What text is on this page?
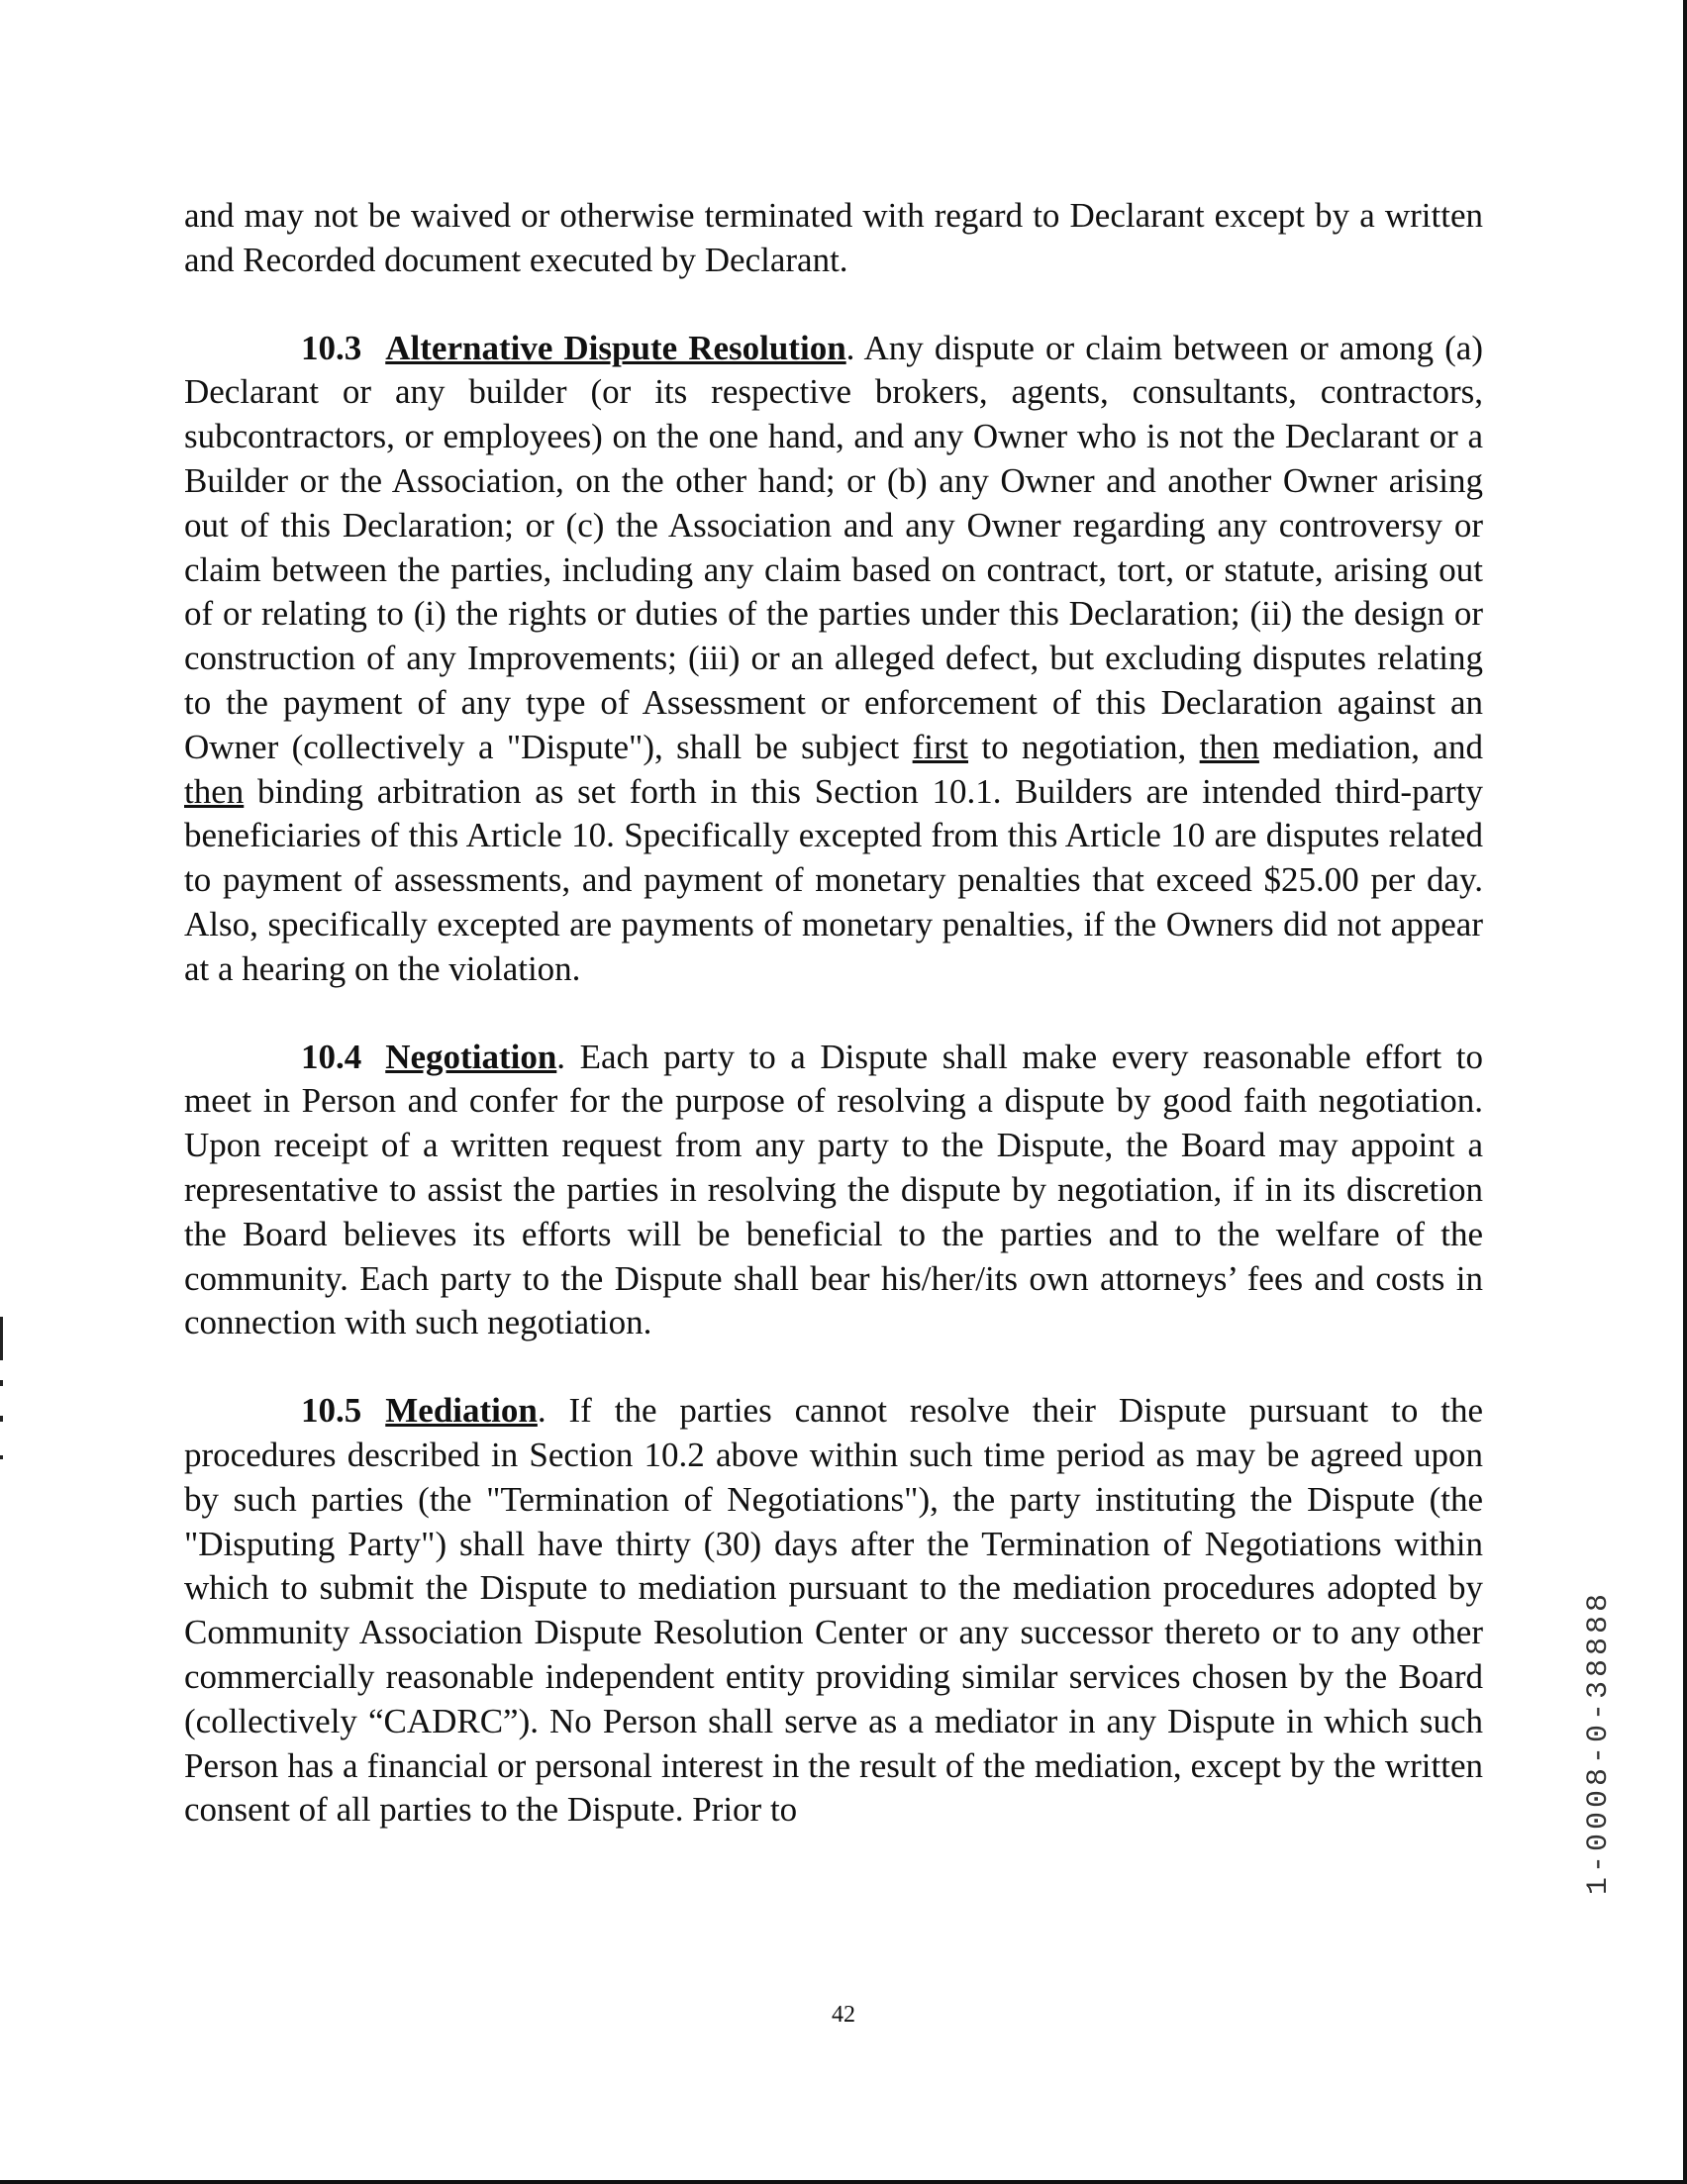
and may not be waived or otherwise terminated with regard to Declarant except by a written and Recorded document executed by Declarant.

10.3 Alternative Dispute Resolution. Any dispute or claim between or among (a) Declarant or any builder (or its respective brokers, agents, consultants, contractors, subcontractors, or employees) on the one hand, and any Owner who is not the Declarant or a Builder or the Association, on the other hand; or (b) any Owner and another Owner arising out of this Declaration; or (c) the Association and any Owner regarding any controversy or claim between the parties, including any claim based on contract, tort, or statute, arising out of or relating to (i) the rights or duties of the parties under this Declaration; (ii) the design or construction of any Improvements; (iii) or an alleged defect, but excluding disputes relating to the payment of any type of Assessment or enforcement of this Declaration against an Owner (collectively a "Dispute"), shall be subject first to negotiation, then mediation, and then binding arbitration as set forth in this Section 10.1. Builders are intended third-party beneficiaries of this Article 10. Specifically excepted from this Article 10 are disputes related to payment of assessments, and payment of monetary penalties that exceed $25.00 per day. Also, specifically excepted are payments of monetary penalties, if the Owners did not appear at a hearing on the violation.

10.4 Negotiation. Each party to a Dispute shall make every reasonable effort to meet in Person and confer for the purpose of resolving a dispute by good faith negotiation. Upon receipt of a written request from any party to the Dispute, the Board may appoint a representative to assist the parties in resolving the dispute by negotiation, if in its discretion the Board believes its efforts will be beneficial to the parties and to the welfare of the community. Each party to the Dispute shall bear his/her/its own attorneys’ fees and costs in connection with such negotiation.

10.5 Mediation. If the parties cannot resolve their Dispute pursuant to the procedures described in Section 10.2 above within such time period as may be agreed upon by such parties (the "Termination of Negotiations"), the party instituting the Dispute (the "Disputing Party") shall have thirty (30) days after the Termination of Negotiations within which to submit the Dispute to mediation pursuant to the mediation procedures adopted by Community Association Dispute Resolution Center or any successor thereto or to any other commercially reasonable independent entity providing similar services chosen by the Board (collectively “CADRC”). No Person shall serve as a mediator in any Dispute in which such Person has a financial or personal interest in the result of the mediation, except by the written consent of all parties to the Dispute. Prior to	1-0008-0-38888
42
